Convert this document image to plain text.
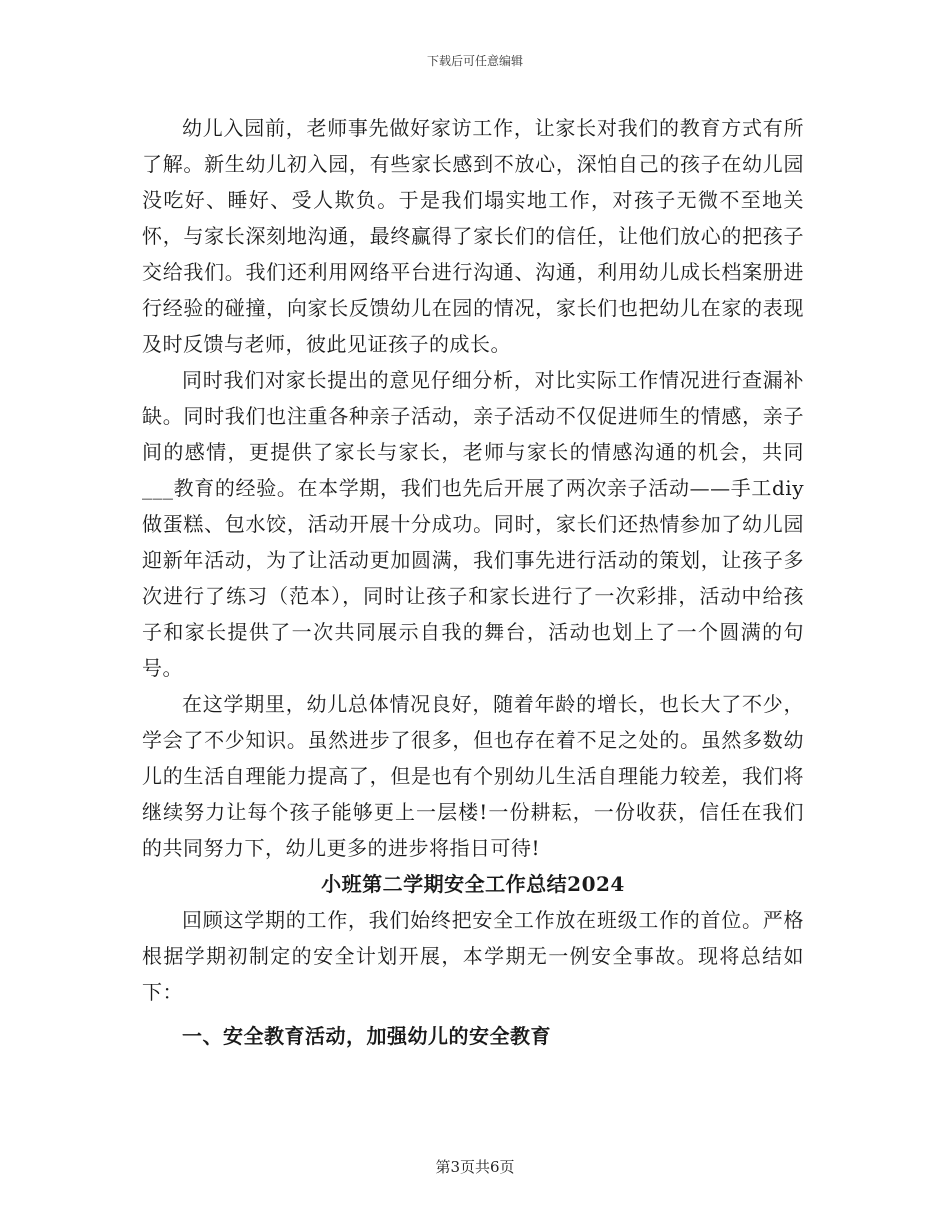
下载后可任意编辑

幼儿入园前，老师事先做好家访工作，让家长对我们的教育方式有所了解。新生幼儿初入园，有些家长感到不放心，深怕自己的孩子在幼儿园没吃好、睡好、受人欺负。于是我们塌实地工作，对孩子无微不至地关怀，与家长深刻地沟通，最终赢得了家长们的信任，让他们放心的把孩子交给我们。我们还利用网络平台进行沟通、沟通，利用幼儿成长档案册进行经验的碰撞，向家长反馈幼儿在园的情况，家长们也把幼儿在家的表现及时反馈与老师，彼此见证孩子的成长。

同时我们对家长提出的意见仔细分析，对比实际工作情况进行查漏补缺。同时我们也注重各种亲子活动，亲子活动不仅促进师生的情感，亲子间的感情，更提供了家长与家长，老师与家长的情感沟通的机会，共同___教育的经验。在本学期，我们也先后开展了两次亲子活动——手工diy做蛋糕、包水饺，活动开展十分成功。同时，家长们还热情参加了幼儿园迎新年活动，为了让活动更加圆满，我们事先进行活动的策划，让孩子多次进行了练习（范本），同时让孩子和家长进行了一次彩排，活动中给孩子和家长提供了一次共同展示自我的舞台，活动也划上了一个圆满的句号。

在这学期里，幼儿总体情况良好，随着年龄的增长，也长大了不少，学会了不少知识。虽然进步了很多，但也存在着不足之处的。虽然多数幼儿的生活自理能力提高了，但是也有个别幼儿生活自理能力较差，我们将继续努力让每个孩子能够更上一层楼!一份耕耘，一份收获，信任在我们的共同努力下，幼儿更多的进步将指日可待!

小班第二学期安全工作总结2024

回顾这学期的工作，我们始终把安全工作放在班级工作的首位。严格根据学期初制定的安全计划开展，本学期无一例安全事故。现将总结如下：

一、安全教育活动，加强幼儿的安全教育

第3页共6页
